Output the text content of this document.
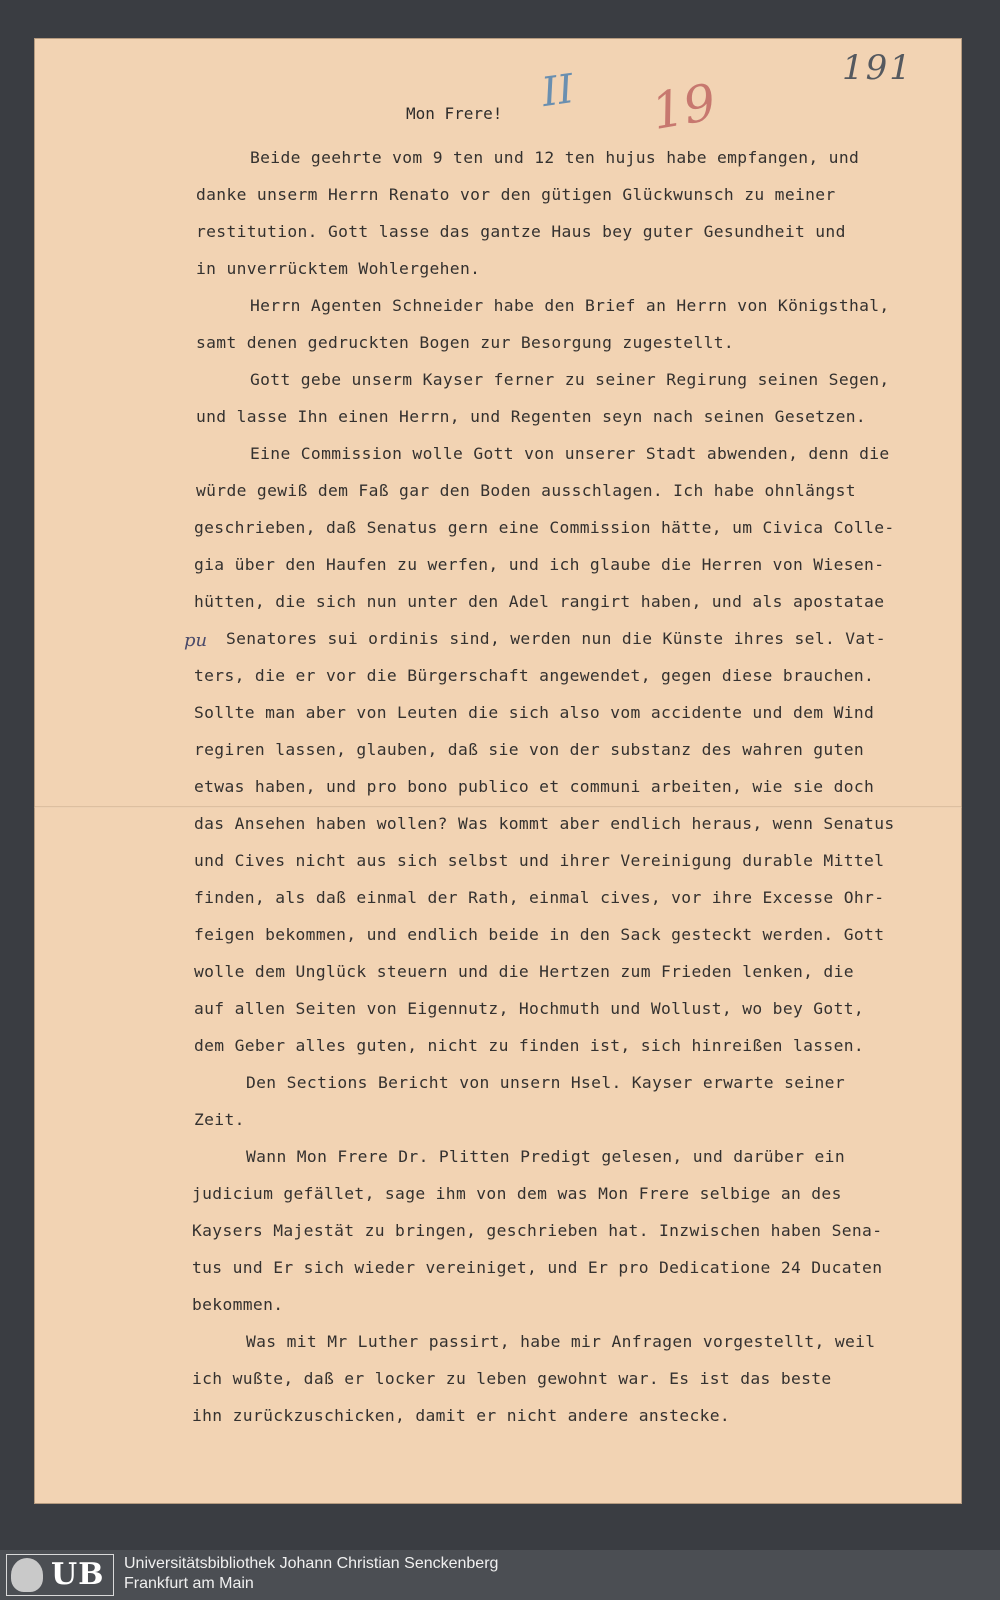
191
II 19
Mon Frere!
pu
Beide geehrte vom 9 ten und 12 ten hujus habe empfangen, und
danke unserm Herrn Renato vor den gütigen Glückwunsch zu meiner
restitution. Gott lasse das gantze Haus bey guter Gesundheit und
in unverrücktem Wohlergehen.
Herrn Agenten Schneider habe den Brief an Herrn von Königsthal,
samt denen gedruckten Bogen zur Besorgung zugestellt.
Gott gebe unserm Kayser ferner zu seiner Regirung seinen Segen,
und lasse Ihn einen Herrn, und Regenten seyn nach seinen Gesetzen.
Eine Commission wolle Gott von unserer Stadt abwenden, denn die
würde gewiß dem Faß gar den Boden ausschlagen. Ich habe ohnlängst
geschrieben, daß Senatus gern eine Commission hätte, um Civica Colle-
gia über den Haufen zu werfen, und ich glaube die Herren von Wiesen-
hütten, die sich nun unter den Adel rangirt haben, und als apostatae
Senatores sui ordinis sind, werden nun die Künste ihres sel. Vat-
ters, die er vor die Bürgerschaft angewendet, gegen diese brauchen.
Sollte man aber von Leuten die sich also vom accidente und dem Wind
regiren lassen, glauben, daß sie von der substanz des wahren guten
etwas haben, und pro bono publico et communi arbeiten, wie sie doch
das Ansehen haben wollen? Was kommt aber endlich heraus, wenn Senatus
und Cives nicht aus sich selbst und ihrer Vereinigung durable Mittel
finden, als daß einmal der Rath, einmal cives, vor ihre Excesse Ohr-
feigen bekommen, und endlich beide in den Sack gesteckt werden. Gott
wolle dem Unglück steuern und die Hertzen zum Frieden lenken, die
auf allen Seiten von Eigennutz, Hochmuth und Wollust, wo bey Gott,
dem Geber alles guten, nicht zu finden ist, sich hinreißen lassen.
Den Sections Bericht von unsern Hsel. Kayser erwarte seiner
Zeit.
Wann Mon Frere Dr. Plitten Predigt gelesen, und darüber ein
judicium gefället, sage ihm von dem was Mon Frere selbige an des
Kaysers Majestät zu bringen, geschrieben hat. Inzwischen haben Sena-
tus und Er sich wieder vereiniget, und Er pro Dedicatione 24 Ducaten
bekommen.
Was mit Mr Luther passirt, habe mir Anfragen vorgestellt, weil
ich wußte, daß er locker zu leben gewohnt war. Es ist das beste
ihn zurückzuschicken, damit er nicht andere anstecke.
UB Universitätsbibliothek Johann Christian Senckenberg
Frankfurt am Main
